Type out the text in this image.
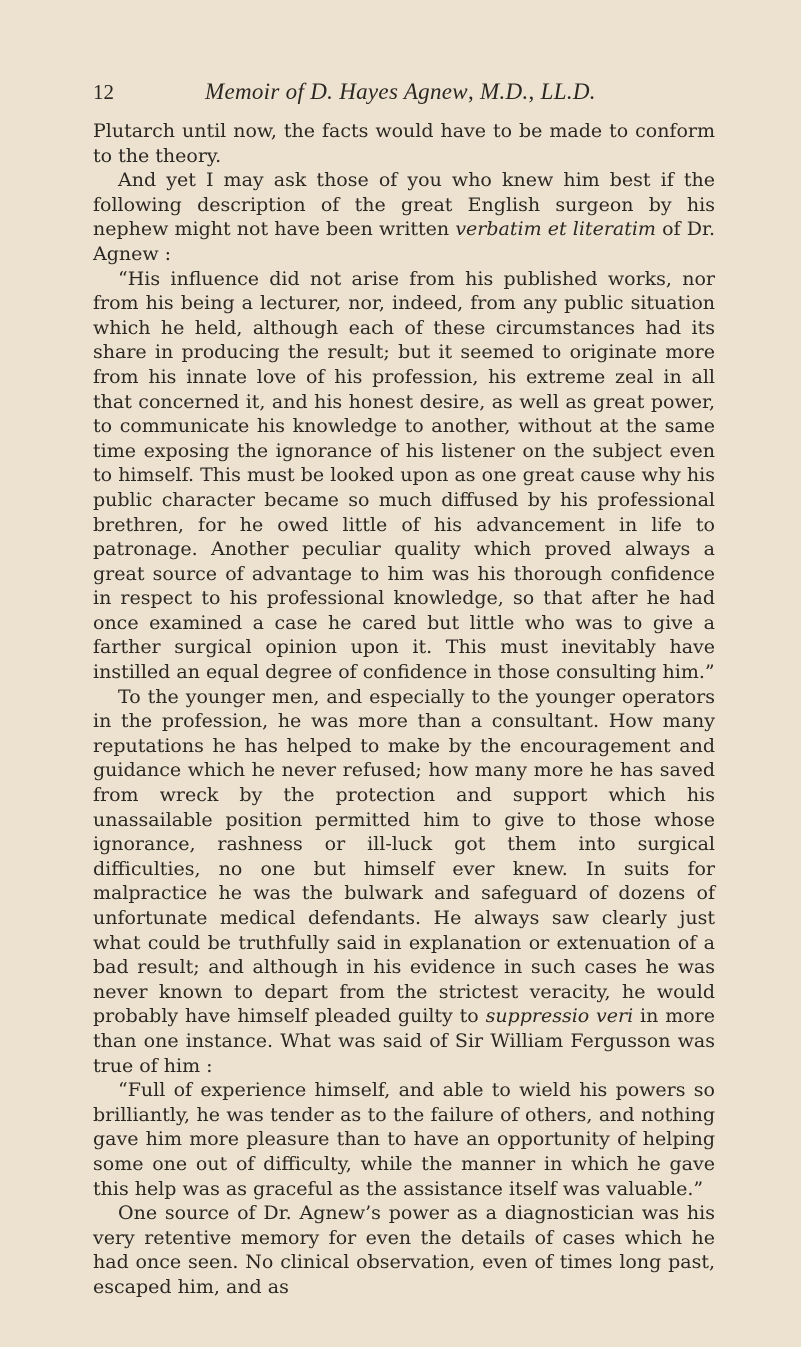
12	Memoir of D. Hayes Agnew, M.D., LL.D.

Plutarch until now, the facts would have to be made to conform to the theory.

And yet I may ask those of you who knew him best if the following description of the great English surgeon by his nephew might not have been written verbatim et literatim of Dr. Agnew :

“His influence did not arise from his published works, nor from his being a lecturer, nor, indeed, from any public situation which he held, although each of these circumstances had its share in producing the result; but it seemed to originate more from his innate love of his profession, his extreme zeal in all that concerned it, and his honest desire, as well as great power, to communicate his knowledge to another, without at the same time exposing the ignorance of his listener on the subject even to himself. This must be looked upon as one great cause why his public character became so much diffused by his professional brethren, for he owed little of his advancement in life to patronage. Another peculiar quality which proved always a great source of advantage to him was his thorough confidence in respect to his professional knowledge, so that after he had once examined a case he cared but little who was to give a farther surgical opinion upon it. This must inevitably have instilled an equal degree of confidence in those consulting him.”

To the younger men, and especially to the younger operators in the profession, he was more than a consultant. How many reputations he has helped to make by the encouragement and guidance which he never refused; how many more he has saved from wreck by the protection and support which his unassailable position permitted him to give to those whose ignorance, rashness or ill-luck got them into surgical difficulties, no one but himself ever knew. In suits for malpractice he was the bulwark and safeguard of dozens of unfortunate medical defendants. He always saw clearly just what could be truthfully said in explanation or extenuation of a bad result; and although in his evidence in such cases he was never known to depart from the strictest veracity, he would probably have himself pleaded guilty to suppressio veri in more than one instance. What was said of Sir William Fergusson was true of him :

“Full of experience himself, and able to wield his powers so brilliantly, he was tender as to the failure of others, and nothing gave him more pleasure than to have an opportunity of helping some one out of difficulty, while the manner in which he gave this help was as graceful as the assistance itself was valuable.”

One source of Dr. Agnew’s power as a diagnostician was his very retentive memory for even the details of cases which he had once seen. No clinical observation, even of times long past, escaped him, and as
